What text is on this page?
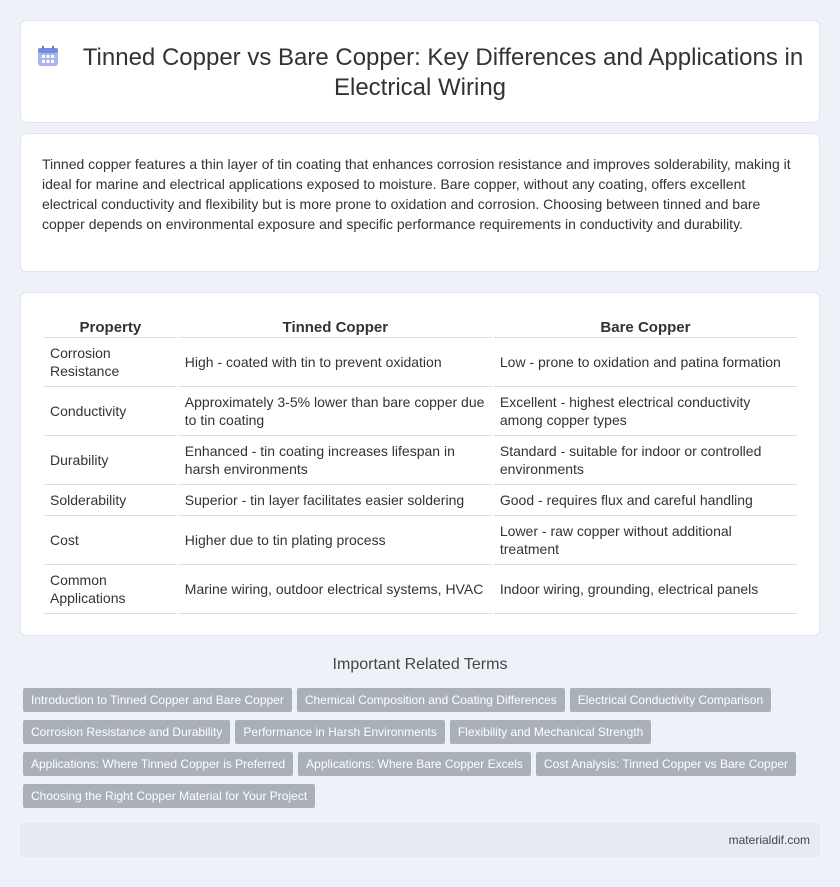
Tinned Copper vs Bare Copper: Key Differences and Applications in Electrical Wiring

Tinned copper features a thin layer of tin coating that enhances corrosion resistance and improves solderability, making it ideal for marine and electrical applications exposed to moisture. Bare copper, without any coating, offers excellent electrical conductivity and flexibility but is more prone to oxidation and corrosion. Choosing between tinned and bare copper depends on environmental exposure and specific performance requirements in conductivity and durability.

Property	Tinned Copper	Bare Copper
Corrosion Resistance	High - coated with tin to prevent oxidation	Low - prone to oxidation and patina formation
Conductivity	Approximately 3-5% lower than bare copper due to tin coating	Excellent - highest electrical conductivity among copper types
Durability	Enhanced - tin coating increases lifespan in harsh environments	Standard - suitable for indoor or controlled environments
Solderability	Superior - tin layer facilitates easier soldering	Good - requires flux and careful handling
Cost	Higher due to tin plating process	Lower - raw copper without additional treatment
Common Applications	Marine wiring, outdoor electrical systems, HVAC	Indoor wiring, grounding, electrical panels
Important Related Terms
Introduction to Tinned Copper and Bare Copper Chemical Composition and Coating Differences Electrical Conductivity Comparison
Corrosion Resistance and Durability Performance in Harsh Environments Flexibility and Mechanical Strength
Applications: Where Tinned Copper is Preferred Applications: Where Bare Copper Excels Cost Analysis: Tinned Copper vs Bare Copper
Choosing the Right Copper Material for Your Project
materialdif.com
